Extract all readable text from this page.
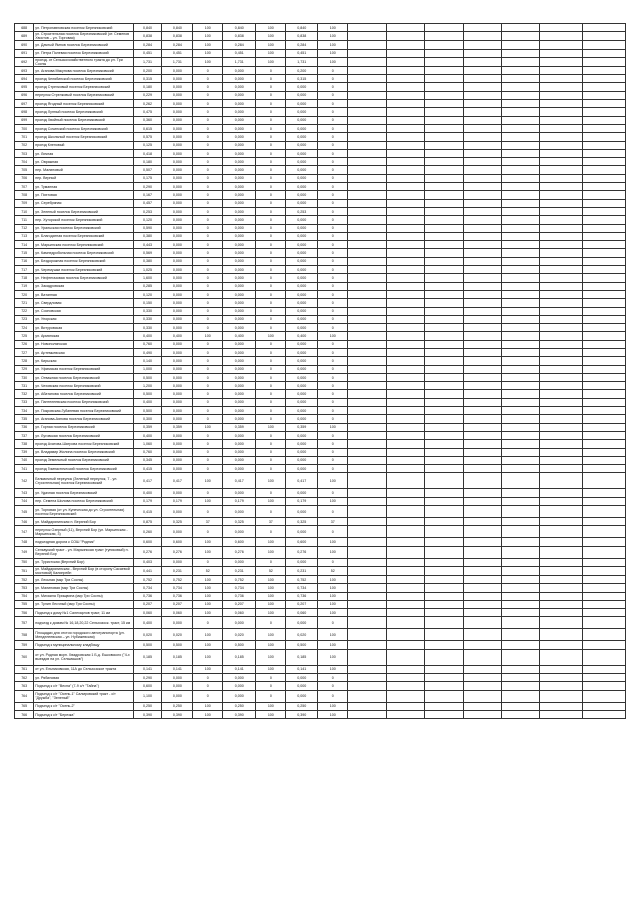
688	ул. Петропавловская поселок Березниковский	0,840	0,840	100	0,840	100	0,840	100							
689	ул. Строительная поселок Березниковский (от. Семенов Хвостов – ул. Торговая)	0,838	0,838	100	0,838	100	0,838	100							
690	ул. Дачный Ямнов поселок Березниковский	0,284	0,284	100	0,284	100	0,284	100							
691	ул. Петра Полевая поселок Березниковский	0,451	0,451	100	0,451	100	0,451	100							
692	проезд. от Сельскохозяйственного тракта до ул. Три Сосны	1,731	1,731	100	1,731	100	1,731	100							
693	ул. Агапова Мякунова поселок Березниковский	0,200	0,000	0	0,000	0	0,200	0							
694	проезд Челябинской поселок Березниковский	0,315	0,000	0	0,000	0	0,315	0							
695	проезд Стрелковый поселок Березниковский	0,180	0,000	0	0,000	0	0,000	0							
696	переулок Стрелковый поселок Березниковский	0,229	0,000	0	0,000	0	0,000	0							
697	проезд Ягодный поселок Березниковский	0,262	0,000	0	0,000	0	0,000	0							
698	проезд Лунный поселок Березниковский	0,475	0,000	0	0,000	0	0,000	0							
699	проезд Хвойный поселок Березниковский	0,360	0,000	0	0,000	0	0,000	0							
700	проезд Сочинский поселок Березниковский	0,615	0,000	0	0,000	0	0,000	0							
701	проезд Школьный поселок Березниковский	0,575	0,000	0	0,000	0	0,000	0							
702	проезд Кленовый	0,125	0,000	0	0,000	0	0,000	0							
703	ул. Личная	0,418	0,000	0	0,000	0	0,000	0							
704	ул. Овражная	0,180	0,000	0	0,000	0	0,000	0							
705	пер. Малиновый	0,507	0,000	0	0,000	0	0,000	0							
706	пер. Верный	0,175	0,000	0	0,000	0	0,000	0							
707	ул. Туманная	0,290	0,000	0	0,000	0	0,000	0							
708	ул. Пихтовая	0,167	0,000	0	0,000	0	0,000	0							
709	ул. Серебряная	0,457	0,000	0	0,000	0	0,000	0							
710	ул. Зеленый поселок Березниковский	0,253	0,000	0	0,000	0	0,253	0							
711	пер. Хуторской поселок Березниковский	0,120	0,000	0	0,000	0	0,000	0							
712	ул. Уральская поселок Березниковский	0,590	0,000	0	0,000	0	0,000	0							
713	ул. Благодатная поселок Березниковский	0,380	0,000	0	0,000	0	0,000	0							
714	ул. Марьинская поселок Березниковский	0,443	0,000	0	0,000	0	0,000	0							
715	ул. Камнедробильная поселок Березниковский	0,569	0,000	0	0,000	0	0,000	0							
716	ул. Бездорожная поселок Березниковский	0,380	0,000	0	0,000	0	0,000	0							
717	ул. Черемушки поселок Березниковский	1,025	0,000	0	0,000	0	0,000	0							
718	ул. Нефтегазовая поселок Березниковский	1,600	0,000	0	0,000	0	0,000	0							
719	ул. Закадровская	0,285	0,000	0	0,000	0	0,000	0							
720	ул. Ватанная	0,120	0,000	0	0,000	0	0,000	0							
721	ул. Свердловая	0,150	0,000	0	0,000	0	0,000	0							
722	ул. Сосновская	0,330	0,000	0	0,000	0	0,000	0							
723	ул. Упорская	0,330	0,000	0	0,000	0	0,000	0							
724	ул. Витуровская	0,330	0,000	0	0,000	0	0,000	0							
725	ул. Армянская	0,400	0,400	100	0,400	100	0,400	100							
726	ул. Новополянская	0,760	0,000	0	0,000	0	0,000	0							
727	ул. Артемьевская	0,490	0,000	0	0,000	0	0,000	0							
728	ул. Кирьская	0,140	0,000	0	0,000	0	0,000	0							
729	ул. Уфимская поселок Березниковский	1,000	0,000	0	0,000	0	0,000	0							
730	ул. Отважная поселок Березниковский	0,500	0,000	0	0,000	0	0,000	0							
731	ул. Чеховская поселок Березниковский	1,200	0,000	0	0,000	0	0,000	0							
732	ул. Абатанова поселок Березниковский	0,500	0,000	0	0,000	0	0,000	0							
733	ул. Пантелеевская поселок Березниковский	0,400	0,000	0	0,000	0	0,000	0							
734	ул. Покровская-Губаневая поселок Березниковский	0,500	0,000	0	0,000	0	0,000	0							
735	ул. Агапова-Аянова поселок Березниковский	0,300	0,000	0	0,000	0	0,000	0							
736	ул. Горная поселок Березниковский	0,359	0,359	100	0,359	100	0,359	100							
737	ул. Луговская поселок Березниковский	0,400	0,000	0	0,000	0	0,000	0							
738	проезд Ахатова-Шатрова поселок Березниковский	1,060	0,000	0	0,000	0	0,000	0							
739	ул. Владимир Жилина поселок Березниковский	0,760	0,000	0	0,000	0	0,000	0							
740	проезд Земельный поселок Березниковский	0,345	0,000	0	0,000	0	0,000	0							
741	проезд Гимнастический поселок Березниковский	0,415	0,000	0	0,000	0	0,000	0							
742	Бельвичный переулок (Зеленый переулок, 7 - ул. Строительная) поселок Березниковский	0,417	0,417	100	0,417	100	0,417	100							
743	ул. Удачная поселок Березниковский	0,400	0,000	0	0,000	0	0,000	0							
744	пер. Семена Шилова поселок Березниковский	0,179	0,179	100	0,179	100	0,179	100							
745	ул. Торговая (от ул. Купеческая до ул. Строительная) поселок Березниковский	0,415	0,000	0	0,000	0	0,000	0							
746	ул. Майдарянинская п. Верхний Бор	0,875	0,325	37	0,325	37	0,325	37							
747	переулок Озерный (11), Верхний Бор (ул. Марьинская - Марьинская, 3)	0,260	0,000	0	0,000	0	0,000	0							
748	подъездная дорога к СОШ "Родник"	0,600	0,600	100	0,600	100	0,600	100							
749	Сельвуский тракт - ул. Марьинская тракт (тупиковый) п. Верхний Бор	0,276	0,276	100	0,276	100	0,276	100							
750	ул. Туристская (Верхний Бор)	0,403	0,000	0	0,000	0	0,000	0							
751	ул. Майдарянинская - Верхний Бор (в сторону Сасаевой мостовой) Калинрейн	0,441	0,231	52	0,231	52	0,231	52							
752	ул. Лесьная (мкр Три Сосны)	0,752	0,752	100	0,752	100	0,752	100							
753	ул. Малиновая (мкр Три Сосны)	0,734	0,734	100	0,734	100	0,734	100							
754	ул. Михаила Прищвина (мкр Три Сосны)	0,736	0,736	100	0,736	100	0,736	100							
755	ул. Тулин Лесчный (мкр Три Сосны)	0,207	0,207	100	0,207	100	0,207	100							
756	Подъезд к дому №1 Салехарлов тракт, 11 км	0,060	0,060	100	0,060	100	0,060	100							
757	подъезд к домам № 16,18,20,22 Сельхозоск. тракт, 15 км	0,400	0,000	0	0,000	0	0,000	0							
758	Площадки для отстоя городского автотранспорта (ул. Менделеевская – ул. Нубижевская)	0,020	0,020	100	0,020	100	0,020	100							
759	Подъезд к муниципальному кладбищу	0,500	0,500	100	0,500	100	0,500	100							
760	от ул. Родная мкрн. Хвадровская 1 Б.д. Ешковского ("4-х выездов на ул. Сельмашов")	0,185	0,185	100	0,185	100	0,185	100							
761	от ул. Ельниковская, 11А до Сельхозское тракта	0,141	0,141	100	0,141	100	0,141	100							
762	ул. Рябиновая	0,290	0,000	0	0,000	0	0,000	0							
763	Подъезд к с/т "Весна" (7-9 с/т "Тайна")	0,600	0,000	0	0,000	0	0,000	0							
764	Подъезд к с/т "Осень-1" Салмровский тракт - с/т "Дружба", "Зеленый"	1,100	0,000	0	0,000	0	0,000	0							
765	Подъезд к с/т "Осень-2"	0,250	0,250	100	0,250	100	0,250	100							
766	Подъезд к с/т "Березка"	0,390	0,390	100	0,390	100	0,390	100							
